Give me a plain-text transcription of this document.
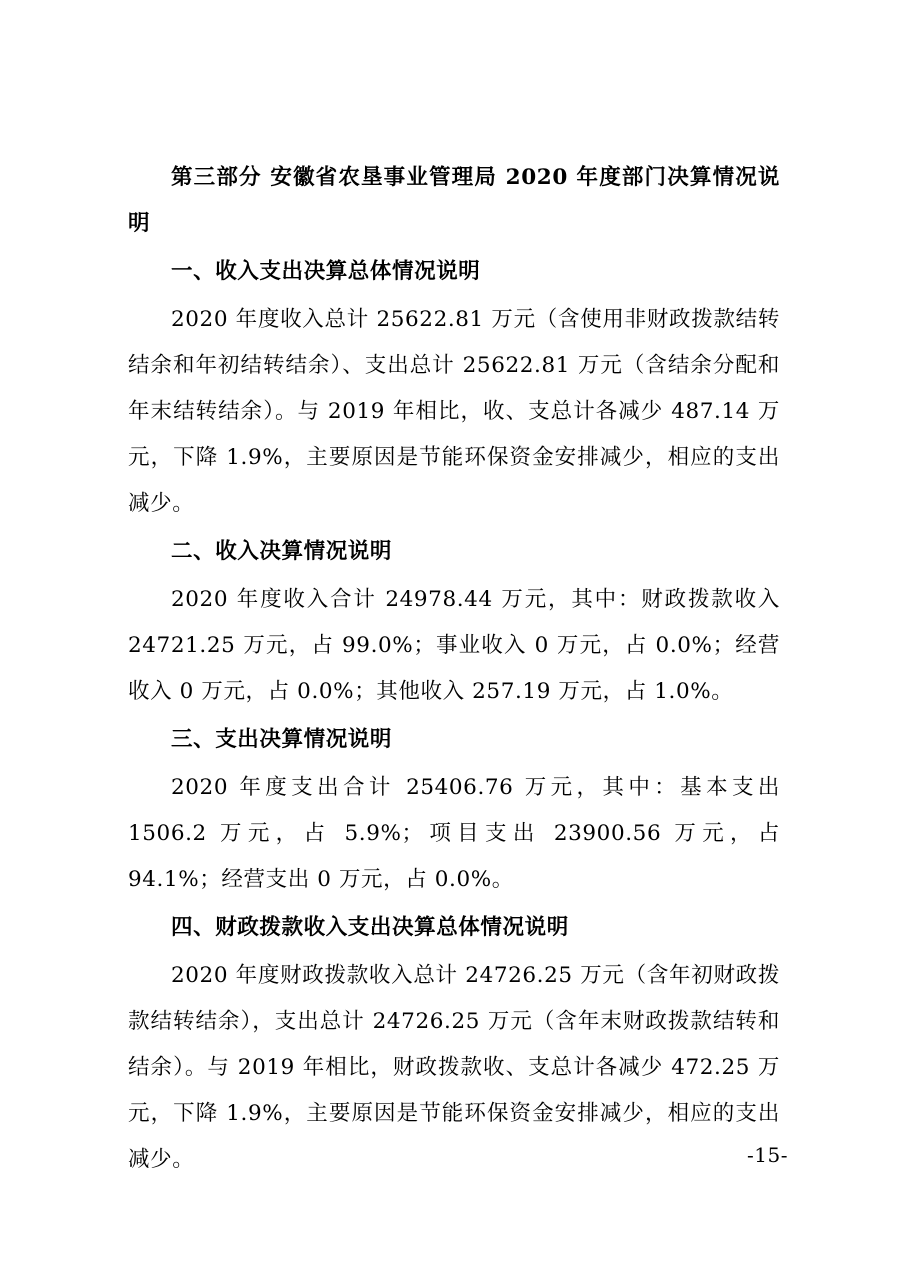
第三部分 安徽省农垦事业管理局 2020 年度部门决算情况说明

一、收入支出决算总体情况说明

2020 年度收入总计 25622.81 万元（含使用非财政拨款结转结余和年初结转结余）、支出总计 25622.81 万元（含结余分配和年末结转结余）。与 2019 年相比，收、支总计各减少 487.14 万元，下降 1.9%，主要原因是节能环保资金安排减少，相应的支出减少。

二、收入决算情况说明

2020 年度收入合计 24978.44 万元，其中：财政拨款收入 24721.25 万元，占 99.0%；事业收入 0 万元，占 0.0%；经营收入 0 万元，占 0.0%；其他收入 257.19 万元，占 1.0%。

三、支出决算情况说明

2020 年度支出合计 25406.76 万元，其中：基本支出 1506.2 万元，占 5.9%；项目支出 23900.56 万元，占 94.1%；经营支出 0 万元，占 0.0%。

四、财政拨款收入支出决算总体情况说明

2020 年度财政拨款收入总计 24726.25 万元（含年初财政拨款结转结余），支出总计 24726.25 万元（含年末财政拨款结转和结余）。与 2019 年相比，财政拨款收、支总计各减少 472.25 万元，下降 1.9%，主要原因是节能环保资金安排减少，相应的支出减少。	-15-
